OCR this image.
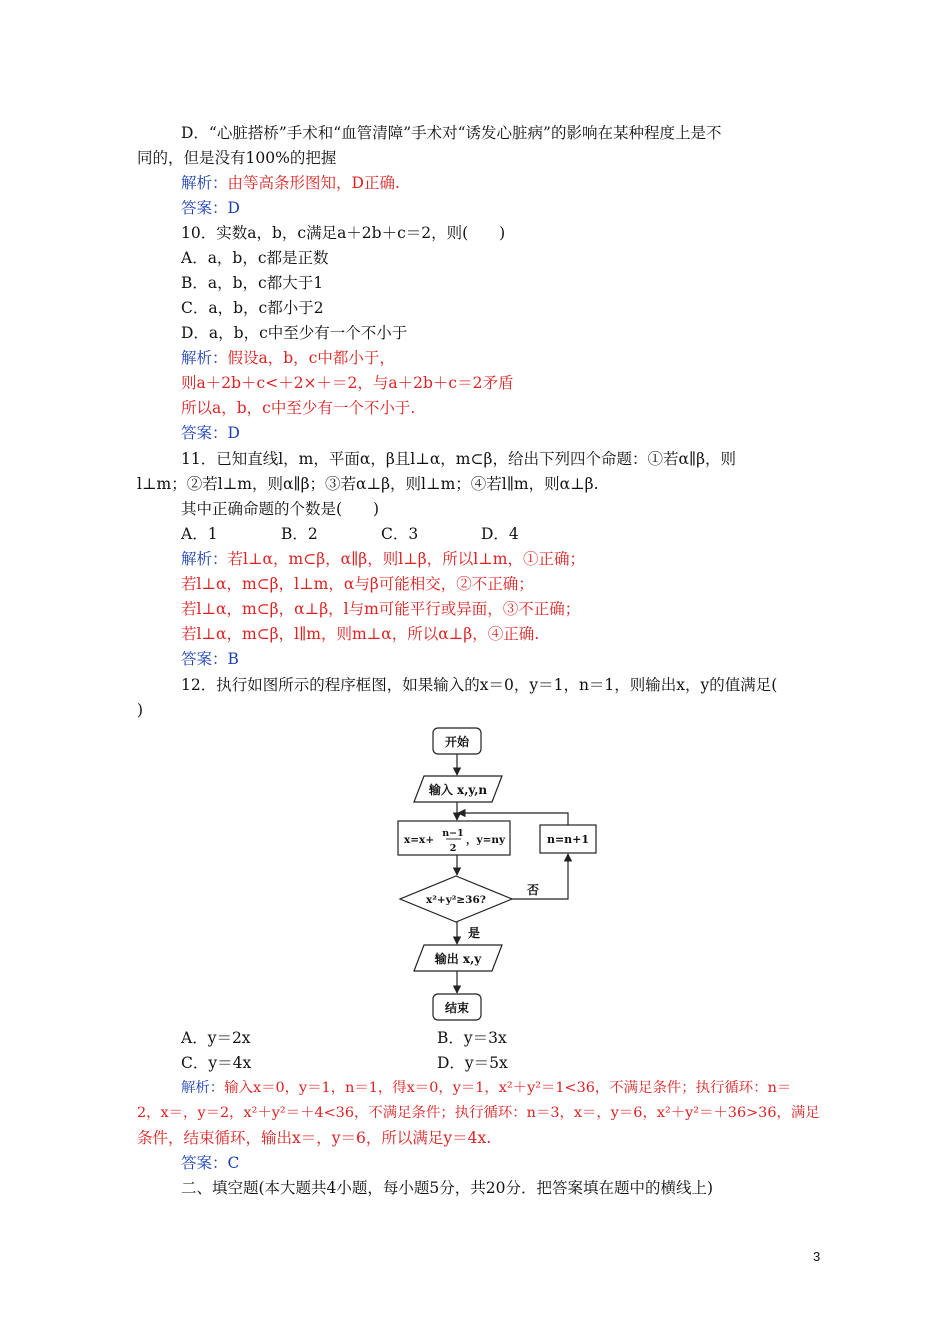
D．“心脏搭桥”手术和“血管清障”手术对“诱发心脏病”的影响在某种程度上是不
同的，但是没有100%的把握
解析：由等高条形图知，D正确.
答案：D
10．实数a，b，c满足a＋2b＋c＝2，则(　　)
A．a，b，c都是正数
B．a，b，c都大于1
C．a，b，c都小于2
D．a，b，c中至少有一个不小于
解析：假设a，b，c中都小于，
则a＋2b＋c<＋2×＋＝2，与a＋2b＋c＝2矛盾
所以a，b，c中至少有一个不小于.
答案：D
11．已知直线l，m，平面α，β且l⊥α，m⊂β，给出下列四个命题：①若α∥β，则
l⊥m；②若l⊥m，则α∥β；③若α⊥β，则l⊥m；④若l∥m，则α⊥β.
其中正确命题的个数是(　　)
A．1	B．2	C．3	D．4
解析：若l⊥α，m⊂β，α∥β，则l⊥β，所以l⊥m，①正确；
若l⊥α，m⊂β，l⊥m，α与β可能相交，②不正确；
若l⊥α，m⊂β，α⊥β，l与m可能平行或异面，③不正确；
若l⊥α，m⊂β，l∥m，则m⊥α，所以α⊥β，④正确.
答案：B
12．执行如图所示的程序框图，如果输入的x＝0，y＝1，n＝1，则输出x，y的值满足(
)
开始
输入 x,y,n
x=x+
n−1
2
，y=ny	n=n+1
x²+y²≥36?
否
是
输出 x,y
结束
A．y＝2x	B．y＝3x
C．y＝4x	D．y＝5x
解析：输入x＝0，y＝1，n＝1，得x＝0，y＝1，x²＋y²＝1<36，不满足条件；执行循环：n＝
2，x＝，y＝2，x²＋y²＝＋4<36，不满足条件；执行循环：n＝3，x＝，y＝6，x²＋y²＝＋36>36，满足
条件，结束循环，输出x＝，y＝6，所以满足y＝4x.
答案：C
二、填空题(本大题共4小题，每小题5分，共20分．把答案填在题中的横线上)
3
